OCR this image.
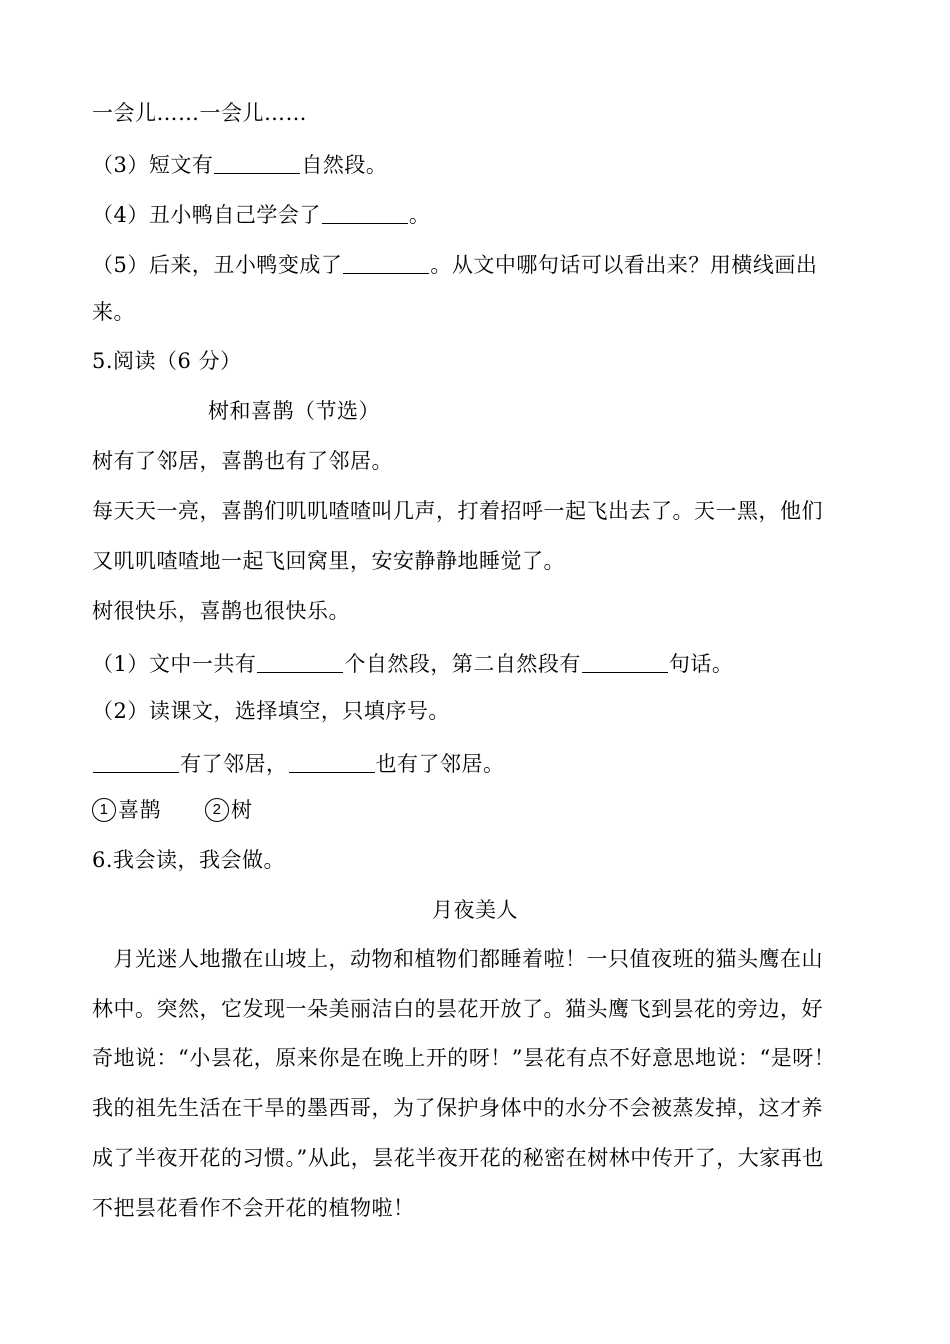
一会儿……一会儿……
（3）短文有	自然段。
（4）丑小鸭自己学会了	。
（5）后来，丑小鸭变成了	。从文中哪句话可以看出来？用横线画出
来。
5.阅读（6 分）
树和喜鹊（节选）
树有了邻居，喜鹊也有了邻居。
每天天一亮，喜鹊们叽叽喳喳叫几声，打着招呼一起飞出去了。天一黑，他们
又叽叽喳喳地一起飞回窝里，安安静静地睡觉了。
树很快乐，喜鹊也很快乐。
（1）文中一共有	个自然段，第二自然段有	句话。
（2）读课文，选择填空，只填序号。
有了邻居，	也有了邻居。
1 喜鹊	2 树
6.我会读，我会做。
月夜美人
　月光迷人地撒在山坡上，动物和植物们都睡着啦！一只值夜班的猫头鹰在山
林中。突然，它发现一朵美丽洁白的昙花开放了。猫头鹰飞到昙花的旁边，好
奇地说：“小昙花，原来你是在晚上开的呀！”昙花有点不好意思地说：“是呀！
我的祖先生活在干旱的墨西哥，为了保护身体中的水分不会被蒸发掉，这才养
成了半夜开花的习惯。”从此，昙花半夜开花的秘密在树林中传开了，大家再也
不把昙花看作不会开花的植物啦！
